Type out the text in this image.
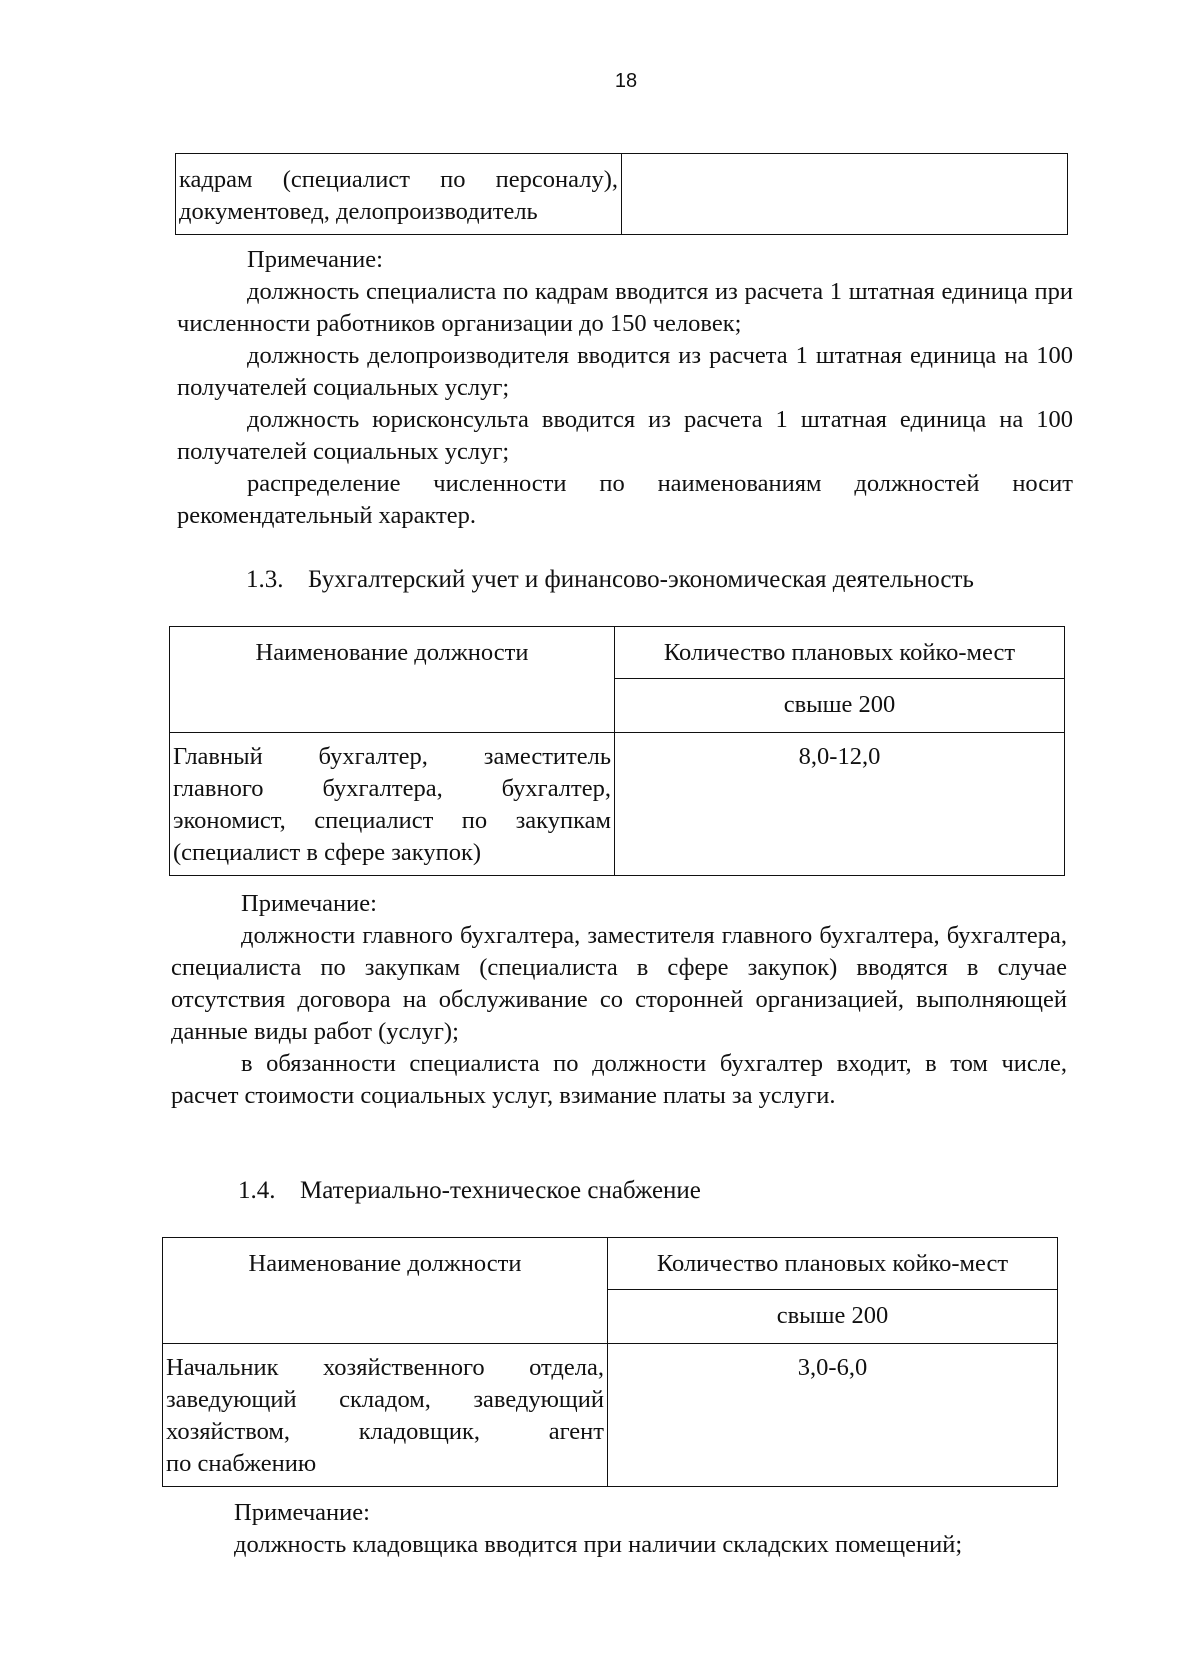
18
кадрам (специалист по персоналу),
документовед, делопроизводитель

Примечание:

должность специалиста по кадрам вводится из расчета 1 штатная единица при численности работников организации до 150 человек;

должность делопроизводителя вводится из расчета 1 штатная единица на 100 получателей социальных услуг;

должность юрисконсульта вводится из расчета 1 штатная единица на 100 получателей социальных услуг;

распределение численности по наименованиям должностей носит рекомендательный характер.

1.3. Бухгалтерский учет и финансово-экономическая деятельность
Наименование должности	Количество плановых койко-мест
	свыше 200

Главный бухгалтер, заместитель
главного бухгалтера, бухгалтер,
экономист, специалист по закупкам
(специалист в сфере закупок)	8,0-12,0
Примечание:

должности главного бухгалтера, заместителя главного бухгалтера, бухгалтера, специалиста по закупкам (специалиста в сфере закупок) вводятся в случае отсутствия договора на обслуживание со сторонней организацией, выполняющей данные виды работ (услуг);

в обязанности специалиста по должности бухгалтер входит, в том числе, расчет стоимости социальных услуг, взимание платы за услуги.

1.4. Материально-техническое снабжение
Наименование должности	Количество плановых койко-мест
	свыше 200

Начальник хозяйственного отдела,
заведующий складом, заведующий
хозяйством, кладовщик, агент
по снабжению	3,0-6,0
Примечание:

должность кладовщика вводится при наличии складских помещений;
